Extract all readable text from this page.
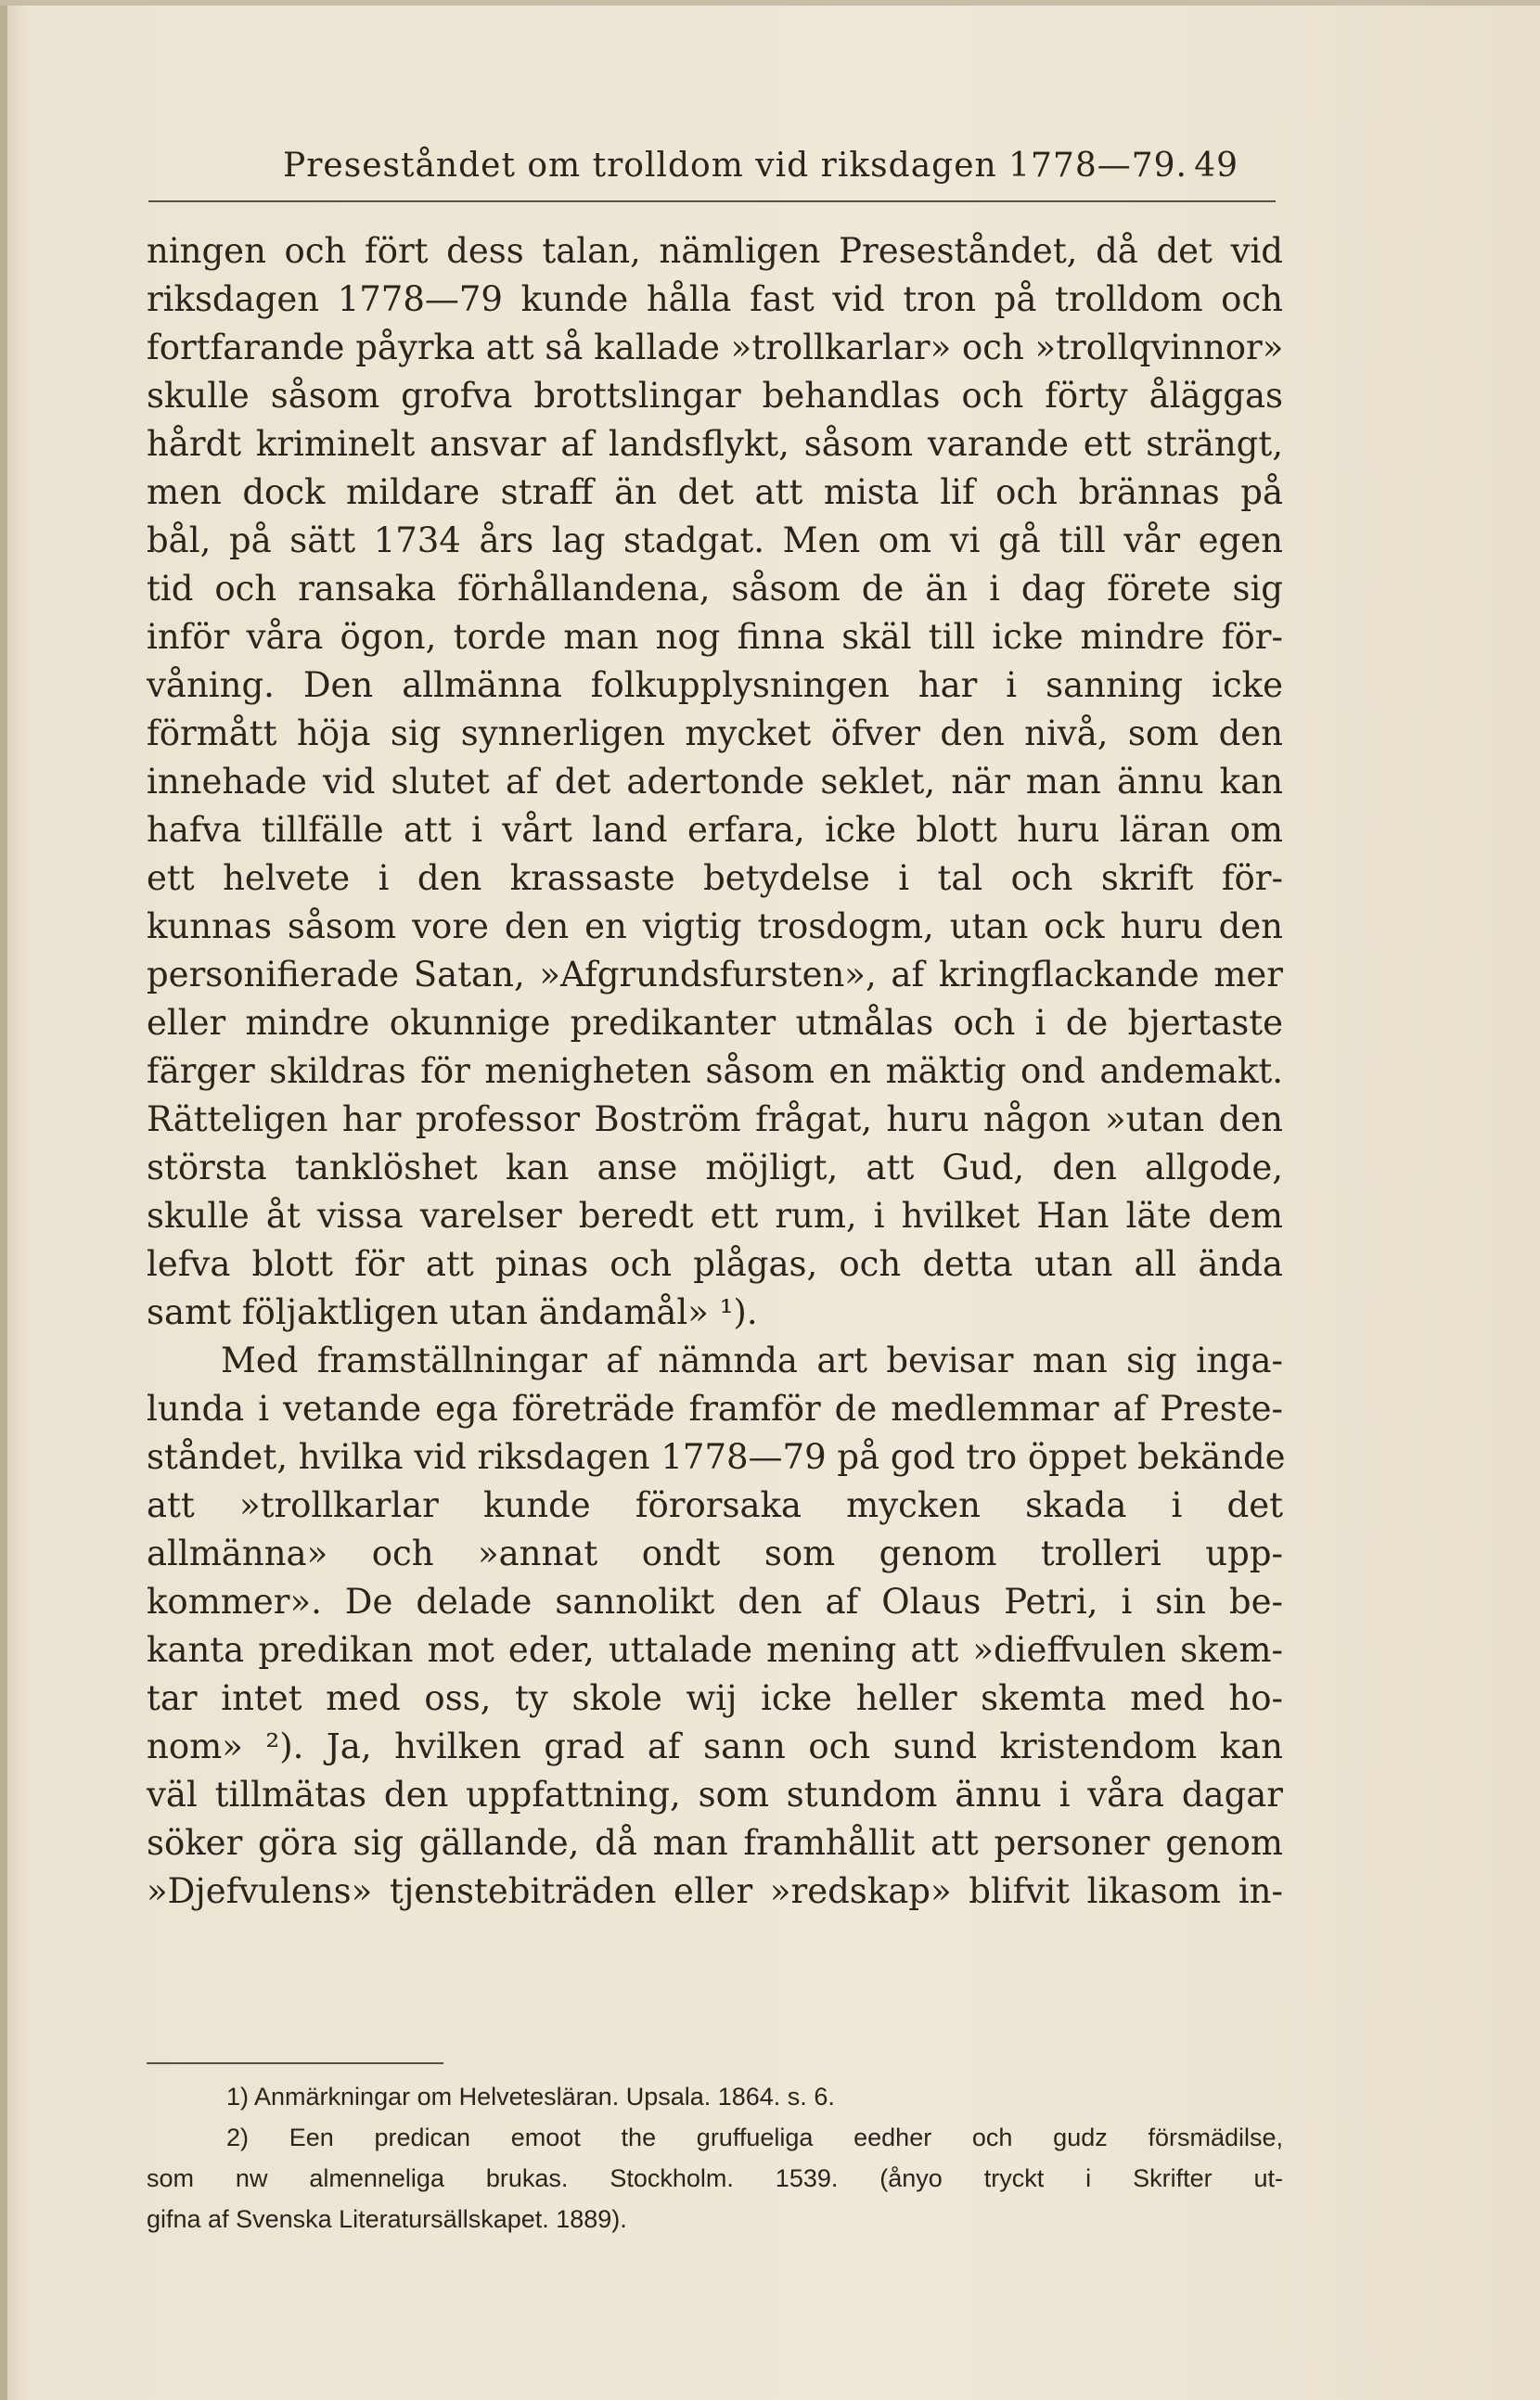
Preseståndet om trolldom vid riksdagen 1778—79. 49
ningen och fört dess talan, nämligen Preseståndet, då det vid
riksdagen 1778—79 kunde hålla fast vid tron på trolldom och
fortfarande påyrka att så kallade »trollkarlar» och »trollqvinnor»
skulle såsom grofva brottslingar behandlas och förty åläggas
hårdt kriminelt ansvar af landsflykt, såsom varande ett strängt,
men dock mildare straff än det att mista lif och brännas på
bål, på sätt 1734 års lag stadgat. Men om vi gå till vår egen
tid och ransaka förhållandena, såsom de än i dag förete sig
inför våra ögon, torde man nog finna skäl till icke mindre för-
våning. Den allmänna folkupplysningen har i sanning icke
förmått höja sig synnerligen mycket öfver den nivå, som den
innehade vid slutet af det adertonde seklet, när man ännu kan
hafva tillfälle att i vårt land erfara, icke blott huru läran om
ett helvete i den krassaste betydelse i tal och skrift för-
kunnas såsom vore den en vigtig trosdogm, utan ock huru den
personifierade Satan, »Afgrundsfursten», af kringflackande mer
eller mindre okunnige predikanter utmålas och i de bjertaste
färger skildras för menigheten såsom en mäktig ond andemakt.
Rätteligen har professor Boström frågat, huru någon »utan den
största tanklöshet kan anse möjligt, att Gud, den allgode,
skulle åt vissa varelser beredt ett rum, i hvilket Han läte dem
lefva blott för att pinas och plågas, och detta utan all ända
samt följaktligen utan ändamål» ¹).
Med framställningar af nämnda art bevisar man sig inga-
lunda i vetande ega företräde framför de medlemmar af Preste-
ståndet, hvilka vid riksdagen 1778—79 på god tro öppet bekände
att »trollkarlar kunde förorsaka mycken skada i det
allmänna» och »annat ondt som genom trolleri upp-
kommer». De delade sannolikt den af Olaus Petri, i sin be-
kanta predikan mot eder, uttalade mening att »dieffvulen skem-
tar intet med oss, ty skole wij icke heller skemta med ho-
nom» ²). Ja, hvilken grad af sann och sund kristendom kan
väl tillmätas den uppfattning, som stundom ännu i våra dagar
söker göra sig gällande, då man framhållit att personer genom
»Djefvulens» tjenstebiträden eller »redskap» blifvit likasom in-
1) Anmärkningar om Helvetesläran. Upsala. 1864. s. 6.
2) Een predican emoot the gruffueliga eedher och gudz försmädilse,
som nw almenneliga brukas. Stockholm. 1539. (ånyo tryckt i Skrifter ut-
gifna af Svenska Literatursällskapet. 1889).
